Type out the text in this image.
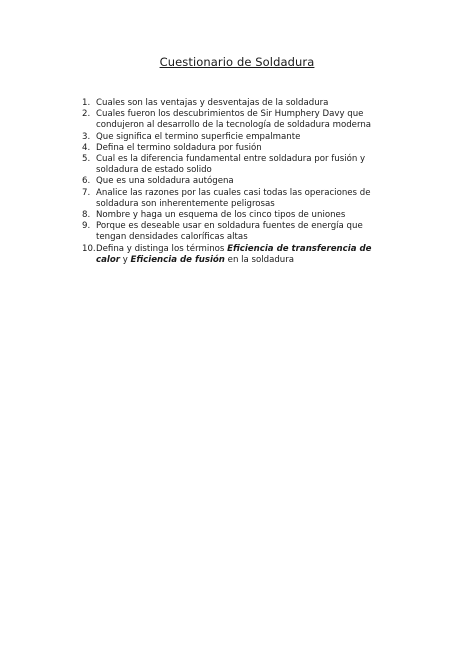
Cuestionario de Soldadura
1. Cuales son las ventajas y desventajas de la soldadura
2. Cuales fueron los descubrimientos de Sir Humphery Davy que condujeron al desarrollo de la tecnología de soldadura moderna
3. Que significa el termino superficie empalmante
4. Defina el termino soldadura por fusión
5. Cual es la diferencia fundamental entre soldadura por fusión y soldadura de estado solido
6. Que es una soldadura autógena
7. Analice las razones por las cuales casi todas las operaciones de soldadura son inherentemente peligrosas
8. Nombre y haga un esquema de los cinco tipos de uniones
9. Porque es deseable usar en soldadura fuentes de energía que tengan densidades caloríficas altas
10. Defina y distinga los términos Eficiencia de transferencia de calor y Eficiencia de fusión en la soldadura
